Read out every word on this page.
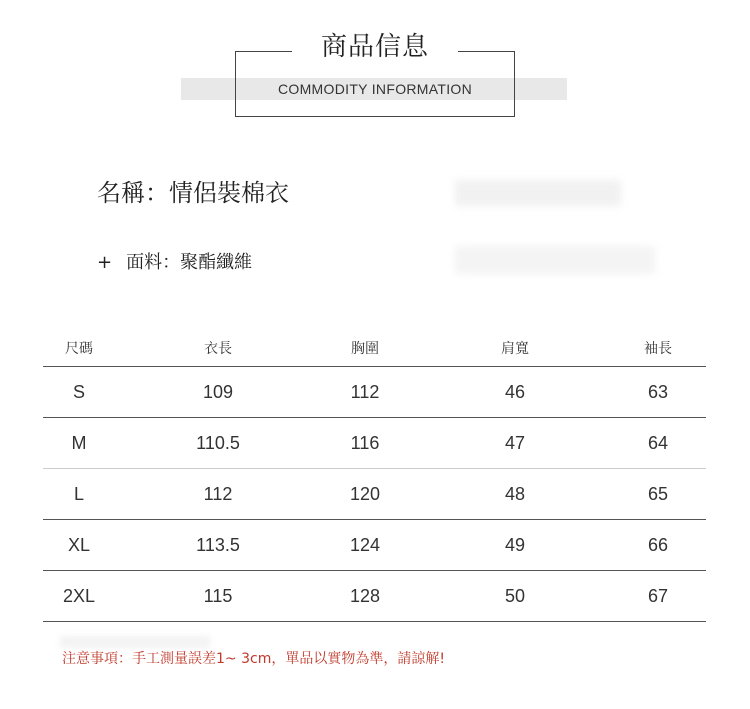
商品信息
COMMODITY INFORMATION
名稱：情侶裝棉衣
+ 面料：聚酯纖維
尺碼	衣長	胸圍	肩寬	袖長
S	109	112	46	63
M	110.5	116	47	64
L	112	120	48	65
XL	113.5	124	49	66
2XL	115	128	50	67
注意事項：手工測量誤差1~ 3cm，單品以實物為準，請諒解!
